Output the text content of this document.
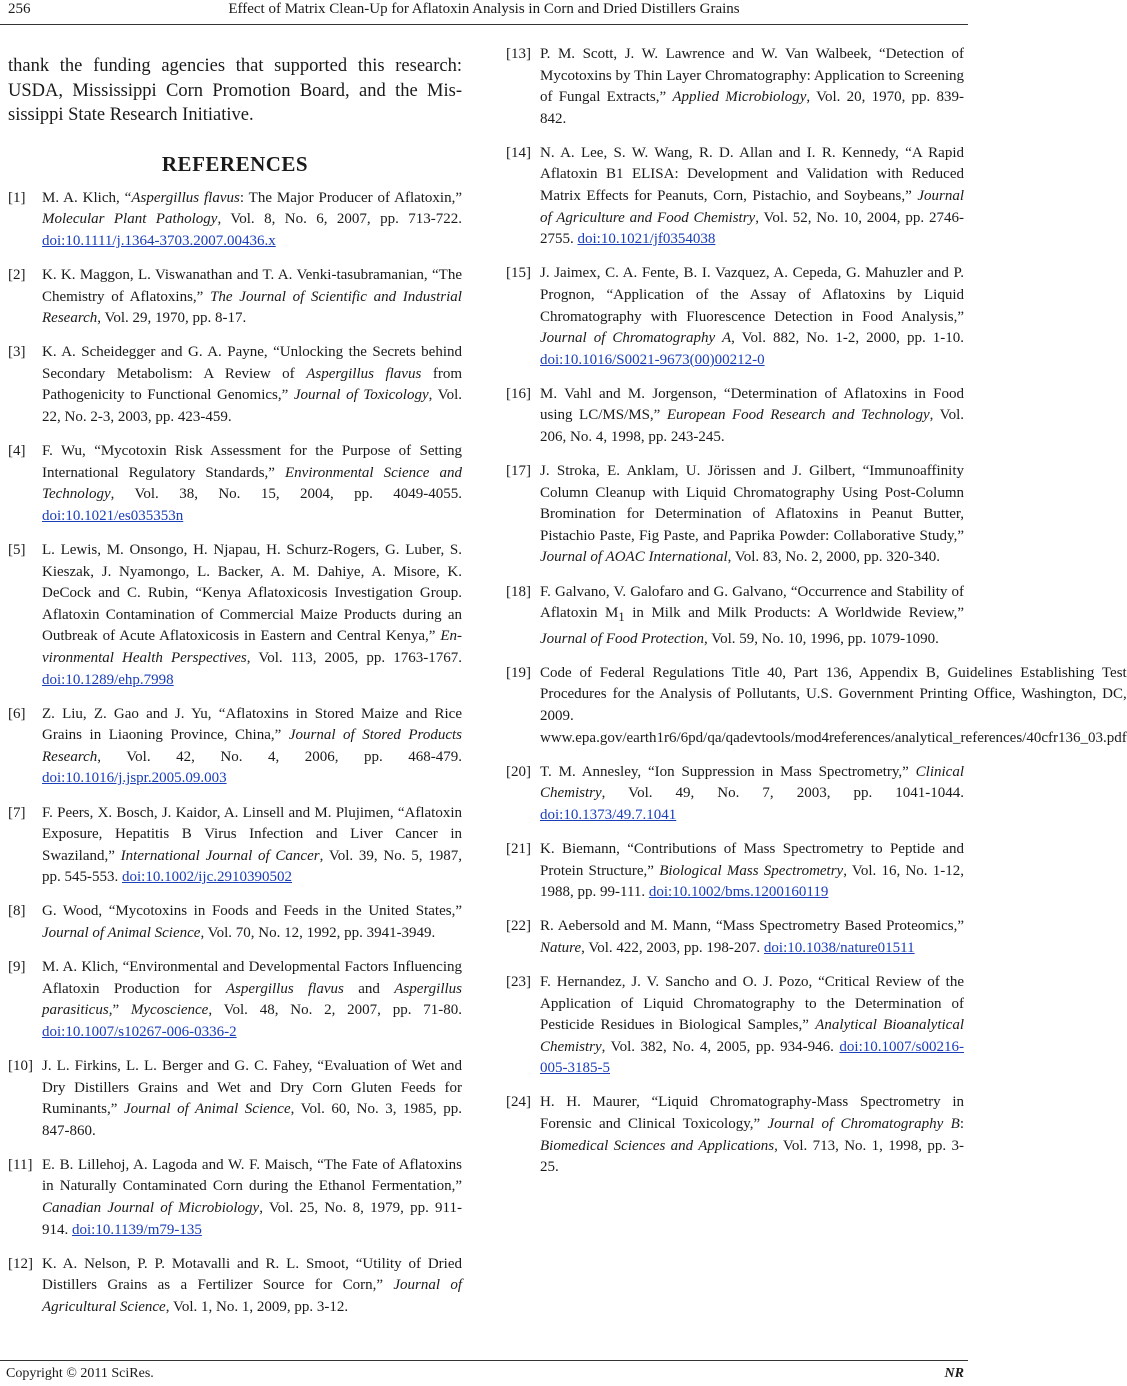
256	Effect of Matrix Clean-Up for Aflatoxin Analysis in Corn and Dried Distillers Grains

thank the funding agencies that supported this research: USDA, Mississippi Corn Promotion Board, and the Mississippi State Research Initiative.

REFERENCES
[1]	M. A. Klich, “Aspergillus flavus: The Major Producer of Aflatoxin,” Molecular Plant Pathology, Vol. 8, No. 6, 2007, pp. 713-722. doi:10.1111/j.1364-3703.2007.00436.x
[2]	K. K. Maggon, L. Viswanathan and T. A. Venki-tasubramanian, “The Chemistry of Aflatoxins,” The Journal of Scientific and Industrial Research, Vol. 29, 1970, pp. 8-17.
[3]	K. A. Scheidegger and G. A. Payne, “Unlocking the Secrets behind Secondary Metabolism: A Review of Aspergillus flavus from Pathogenicity to Functional Genomics,” Journal of Toxicology, Vol. 22, No. 2-3, 2003, pp. 423-459.
[4]	F. Wu, “Mycotoxin Risk Assessment for the Purpose of Setting International Regulatory Standards,” Environmental Science and Technology, Vol. 38, No. 15, 2004, pp. 4049-4055. doi:10.1021/es035353n
[5]	L. Lewis, M. Onsongo, H. Njapau, H. Schurz-Rogers, G. Luber, S. Kieszak, J. Nyamongo, L. Backer, A. M. Dahiye, A. Misore, K. DeCock and C. Rubin, “Kenya Aflatoxicosis Investigation Group. Aflatoxin Contamination of Commercial Maize Products during an Outbreak of Acute Aflatoxicosis in Eastern and Central Kenya,” Environmental Health Perspectives, Vol. 113, 2005, pp. 1763-1767. doi:10.1289/ehp.7998
[6]	Z. Liu, Z. Gao and J. Yu, “Aflatoxins in Stored Maize and Rice Grains in Liaoning Province, China,” Journal of Stored Products Research, Vol. 42, No. 4, 2006, pp. 468-479. doi:10.1016/j.jspr.2005.09.003
[7]	F. Peers, X. Bosch, J. Kaidor, A. Linsell and M. Plujimen, “Aflatoxin Exposure, Hepatitis B Virus Infection and Liver Cancer in Swaziland,” International Journal of Cancer, Vol. 39, No. 5, 1987, pp. 545-553. doi:10.1002/ijc.2910390502
[8]	G. Wood, “Mycotoxins in Foods and Feeds in the United States,” Journal of Animal Science, Vol. 70, No. 12, 1992, pp. 3941-3949.
[9]	M. A. Klich, “Environmental and Developmental Factors Influencing Aflatoxin Production for Aspergillus flavus and Aspergillus parasiticus,” Mycoscience, Vol. 48, No. 2, 2007, pp. 71-80. doi:10.1007/s10267-006-0336-2
[10] J. L. Firkins, L. L. Berger and G. C. Fahey, “Evaluation of Wet and Dry Distillers Grains and Wet and Dry Corn Gluten Feeds for Ruminants,” Journal of Animal Science, Vol. 60, No. 3, 1985, pp. 847-860.
[11] E. B. Lillehoj, A. Lagoda and W. F. Maisch, “The Fate of Aflatoxins in Naturally Contaminated Corn during the Ethanol Fermentation,” Canadian Journal of Microbiology, Vol. 25, No. 8, 1979, pp. 911-914. doi:10.1139/m79-135
[12] K. A. Nelson, P. P. Motavalli and R. L. Smoot, “Utility of Dried Distillers Grains as a Fertilizer Source for Corn,” Journal of Agricultural Science, Vol. 1, No. 1, 2009, pp. 3-12.
[13] P. M. Scott, J. W. Lawrence and W. Van Walbeek, “Detection of Mycotoxins by Thin Layer Chromatography: Application to Screening of Fungal Extracts,” Applied Microbiology, Vol. 20, 1970, pp. 839-842.
[14] N. A. Lee, S. W. Wang, R. D. Allan and I. R. Kennedy, “A Rapid Aflatoxin B1 ELISA: Development and Validation with Reduced Matrix Effects for Peanuts, Corn, Pistachio, and Soybeans,” Journal of Agriculture and Food Chemistry, Vol. 52, No. 10, 2004, pp. 2746-2755. doi:10.1021/jf0354038
[15] J. Jaimex, C. A. Fente, B. I. Vazquez, A. Cepeda, G. Mahuzler and P. Prognon, “Application of the Assay of Aflatoxins by Liquid Chromatography with Fluorescence Detection in Food Analysis,” Journal of Chromatography A, Vol. 882, No. 1-2, 2000, pp. 1-10. doi:10.1016/S0021-9673(00)00212-0
[16] M. Vahl and M. Jorgenson, “Determination of Aflatoxins in Food using LC/MS/MS,” European Food Research and Technology, Vol. 206, No. 4, 1998, pp. 243-245.
[17] J. Stroka, E. Anklam, U. Jörissen and J. Gilbert, “Immunoaffinity Column Cleanup with Liquid Chromatography Using Post-Column Bromination for Determination of Aflatoxins in Peanut Butter, Pistachio Paste, Fig Paste, and Paprika Powder: Collaborative Study,” Journal of AOAC International, Vol. 83, No. 2, 2000, pp. 320-340.
[18] F. Galvano, V. Galofaro and G. Galvano, “Occurrence and Stability of Aflatoxin $M_1$ in Milk and Milk Products: A Worldwide Review,” Journal of Food Protection, Vol. 59, No. 10, 1996, pp. 1079-1090.
[19] Code of Federal Regulations Title 40, Part 136, Appendix B, Guidelines Establishing Test Procedures for the Analysis of Pollutants, U.S. Government Printing Office, Washington, DC, 2009.
www.epa.gov/earth1r6/6pd/qa/qadevtools/mod4references/analytical_references/40cfr136_03.pdf
[20] T. M. Annesley, “Ion Suppression in Mass Spectrometry,” Clinical Chemistry, Vol. 49, No. 7, 2003, pp. 1041-1044. doi:10.1373/49.7.1041
[21] K. Biemann, “Contributions of Mass Spectrometry to Peptide and Protein Structure,” Biological Mass Spectrometry, Vol. 16, No. 1-12, 1988, pp. 99-111. doi:10.1002/bms.1200160119
[22] R. Aebersold and M. Mann, “Mass Spectrometry Based Proteomics,” Nature, Vol. 422, 2003, pp. 198-207. doi:10.1038/nature01511
[23] F. Hernandez, J. V. Sancho and O. J. Pozo, “Critical Review of the Application of Liquid Chromatography to the Determination of Pesticide Residues in Biological Samples,” Analytical Bioanalytical Chemistry, Vol. 382, No. 4, 2005, pp. 934-946. doi:10.1007/s00216-005-3185-5
[24] H. H. Maurer, “Liquid Chromatography-Mass Spectrometry in Forensic and Clinical Toxicology,” Journal of Chromatography B: Biomedical Sciences and Applications, Vol. 713, No. 1, 1998, pp. 3-25.
Copyright © 2011 SciRes.	NR
